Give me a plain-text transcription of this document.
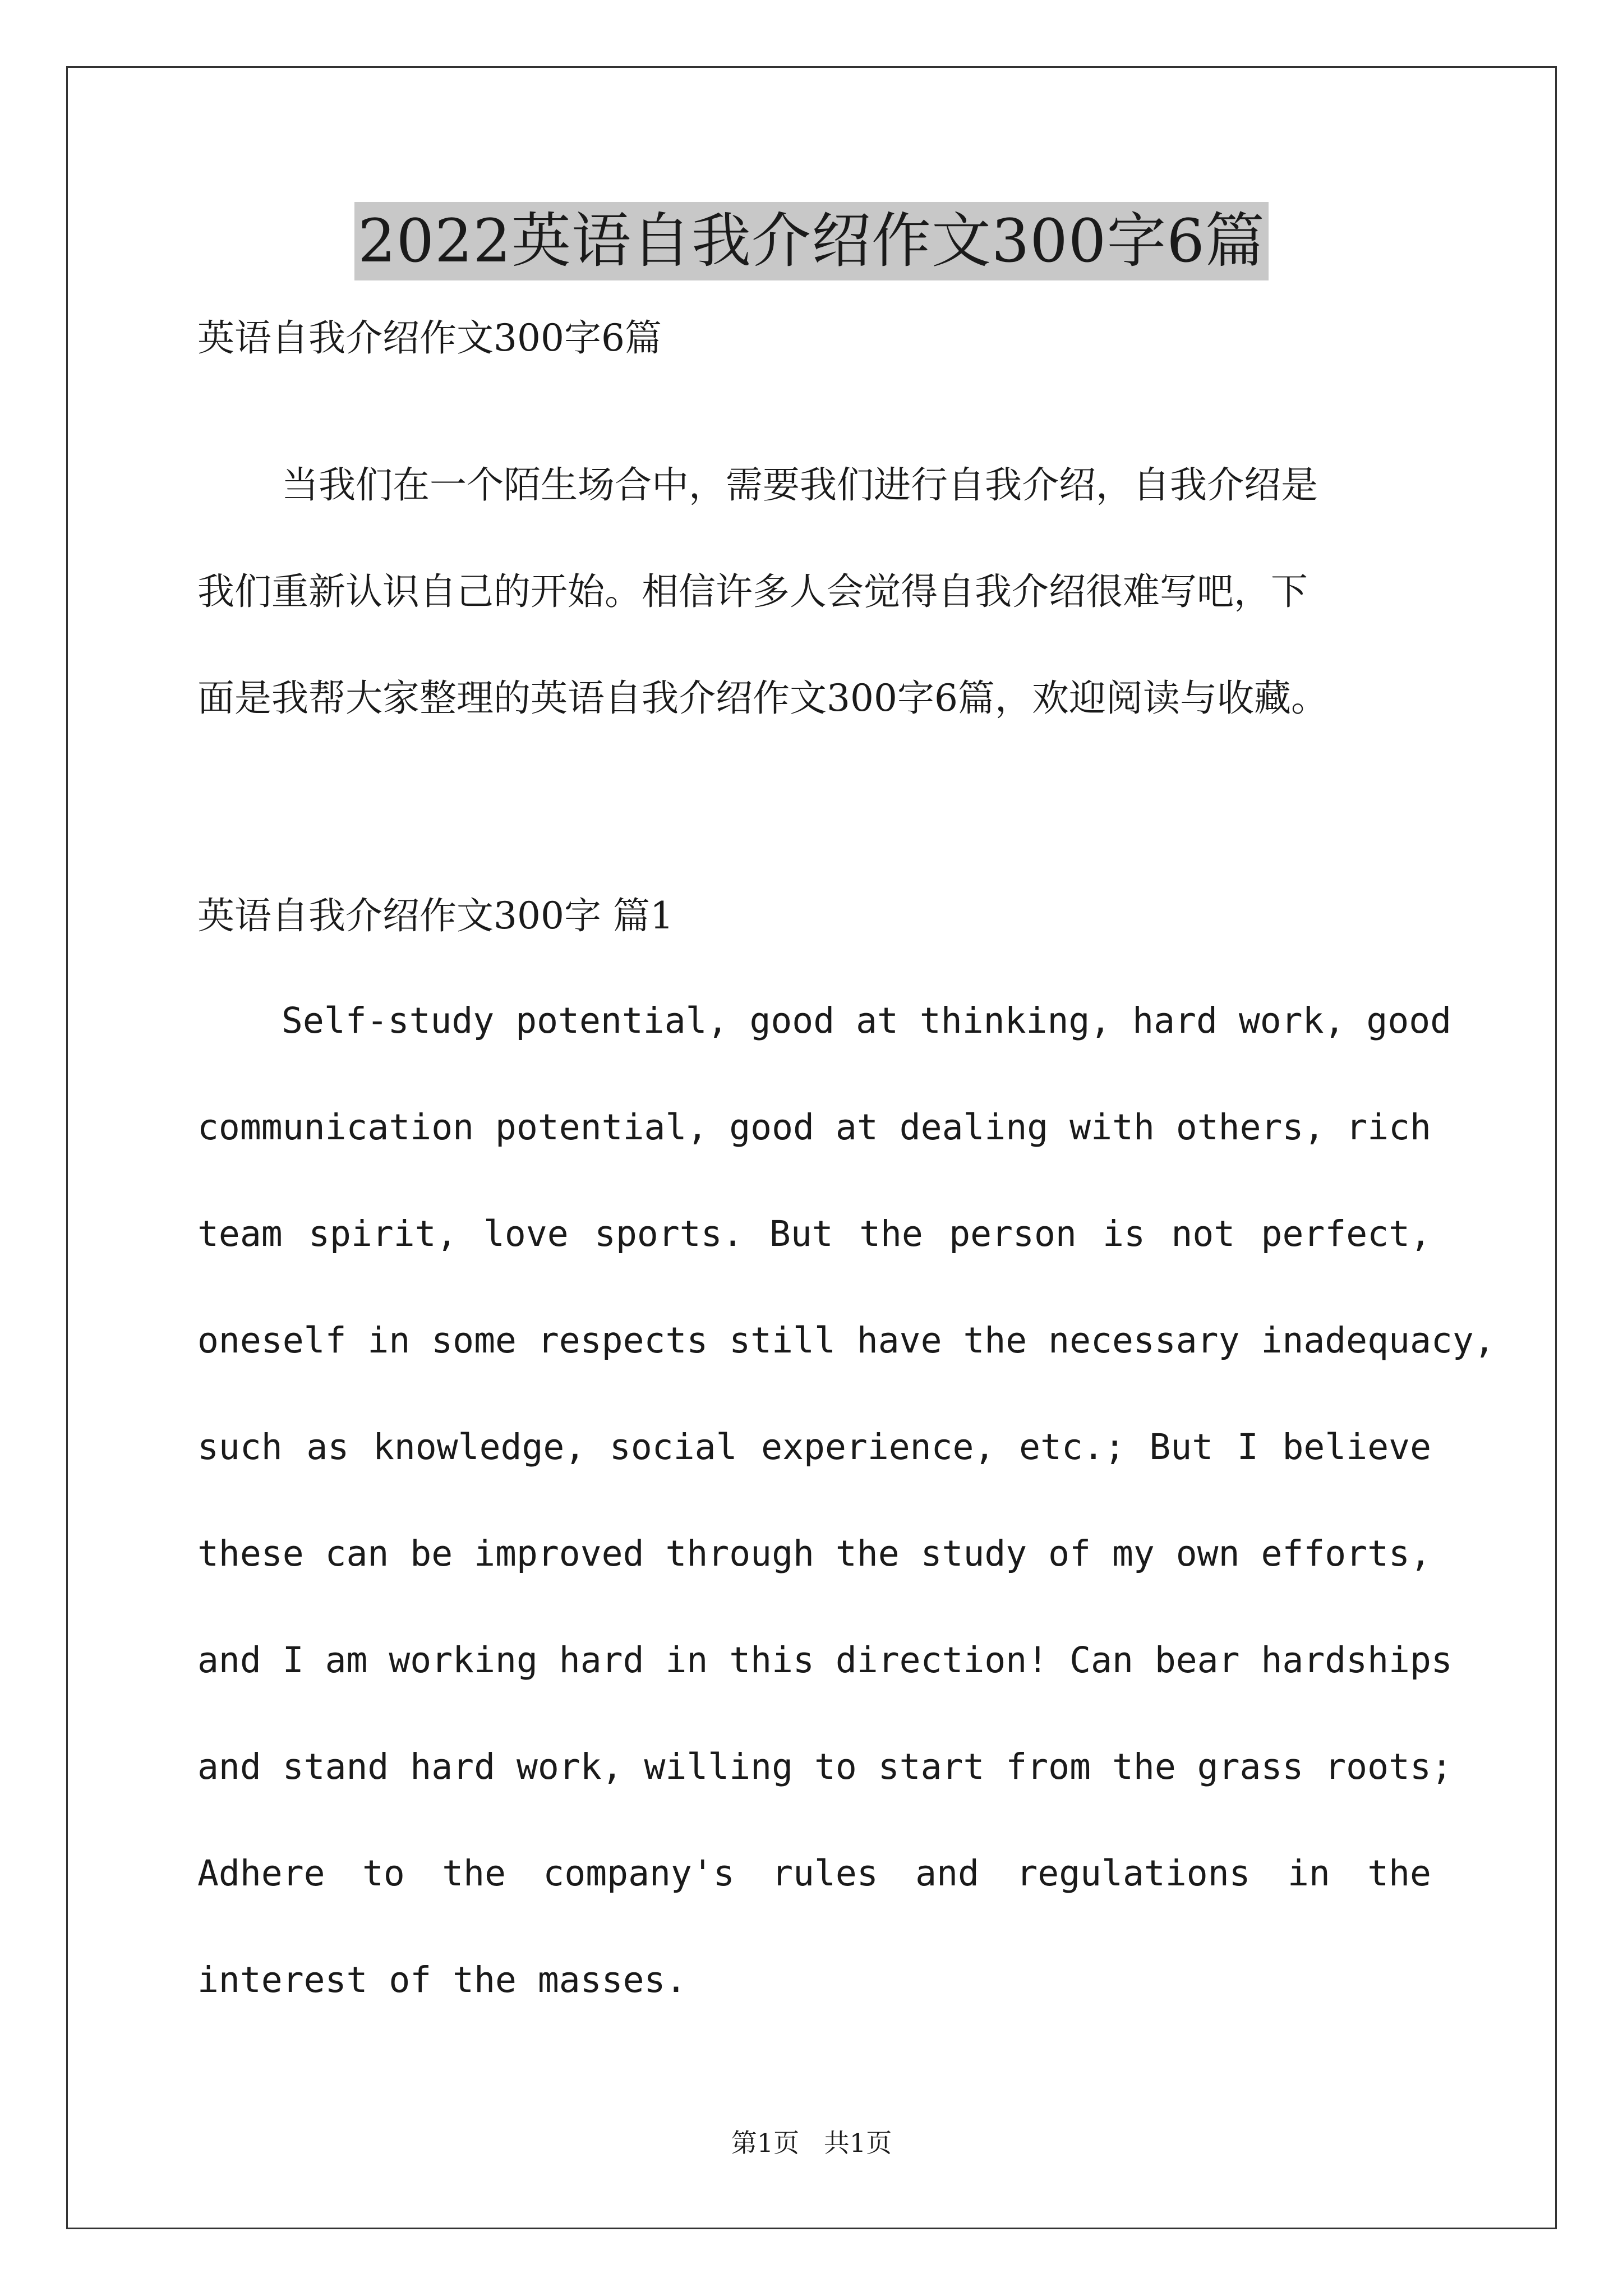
2022英语自我介绍作文300字6篇
英语自我介绍作文300字6篇
当我们在一个陌生场合中，需要我们进行自我介绍，自我介绍是
我们重新认识自己的开始。相信许多人会觉得自我介绍很难写吧，下
面是我帮大家整理的英语自我介绍作文300字6篇，欢迎阅读与收藏。
英语自我介绍作文300字 篇1
Self-study potential, good at thinking, hard work, good
communication potential, good at dealing with others, rich
team spirit, love sports. But the person is not perfect,
oneself in some respects still have the necessary inadequacy,
such as knowledge, social experience, etc.; But I believe
these can be improved through the study of my own efforts,
and I am working hard in this direction! Can bear hardships
and stand hard work, willing to start from the grass roots;
Adhere to the company's rules and regulations in the
interest of the masses.
第1页   共1页
